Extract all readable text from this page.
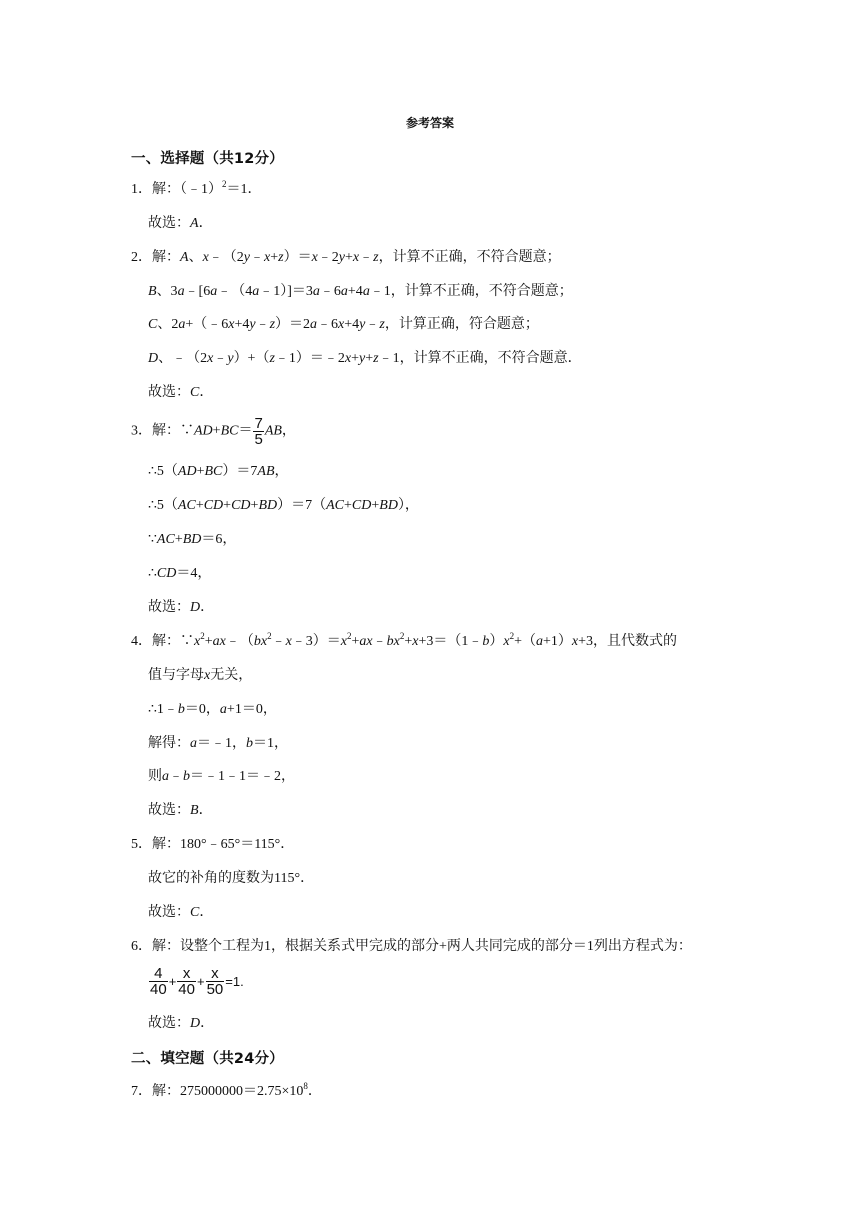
参考答案
一、选择题（共12分）
1．解：（﹣1）$^2$＝1．
故选：A．
2．解：A、x﹣（2y﹣x+z）＝x﹣2y+x﹣z，计算不正确，不符合题意；
B、3a﹣[6a﹣（4a﹣1）]＝3a﹣6a+4a﹣1，计算不正确，不符合题意；
C、2a+（﹣6x+4y﹣z）＝2a﹣6x+4y﹣z，计算正确，符合题意；
D、﹣（2x﹣y）+（z﹣1）＝﹣2x+y+z﹣1，计算不正确，不符合题意．
故选：C．
3．解：∵AD+BC＝ $\frac{7}{5}$ AB，
∴5（AD+BC）＝7AB，
∴5（AC+CD+CD+BD）＝7（AC+CD+BD），
∵AC+BD＝6，
∴CD＝4，
故选：D．
4．解：$\because x^2+ax﹣(bx^2﹣x﹣3)=x^2+ax﹣bx^2+x+3=(1﹣b)x^2+(a+1)x+3$，且代数式的
值与字母x无关，
∴1﹣b＝0，a+1＝0，
解得：a＝﹣1，b＝1，
则a﹣b＝﹣1﹣1＝﹣2，
故选：B．
5．解：180°﹣65°＝115°．
故它的补角的度数为115°．
故选：C．
6．解：设整个工程为1，根据关系式甲完成的部分+两人共同完成的部分＝1列出方程式为：
$\frac{4}{40} + \frac{x}{40} + \frac{x}{50} =1$.
故选：D．
二、填空题（共24分）
7．解：$275000000=2.75\times 10^8$．
